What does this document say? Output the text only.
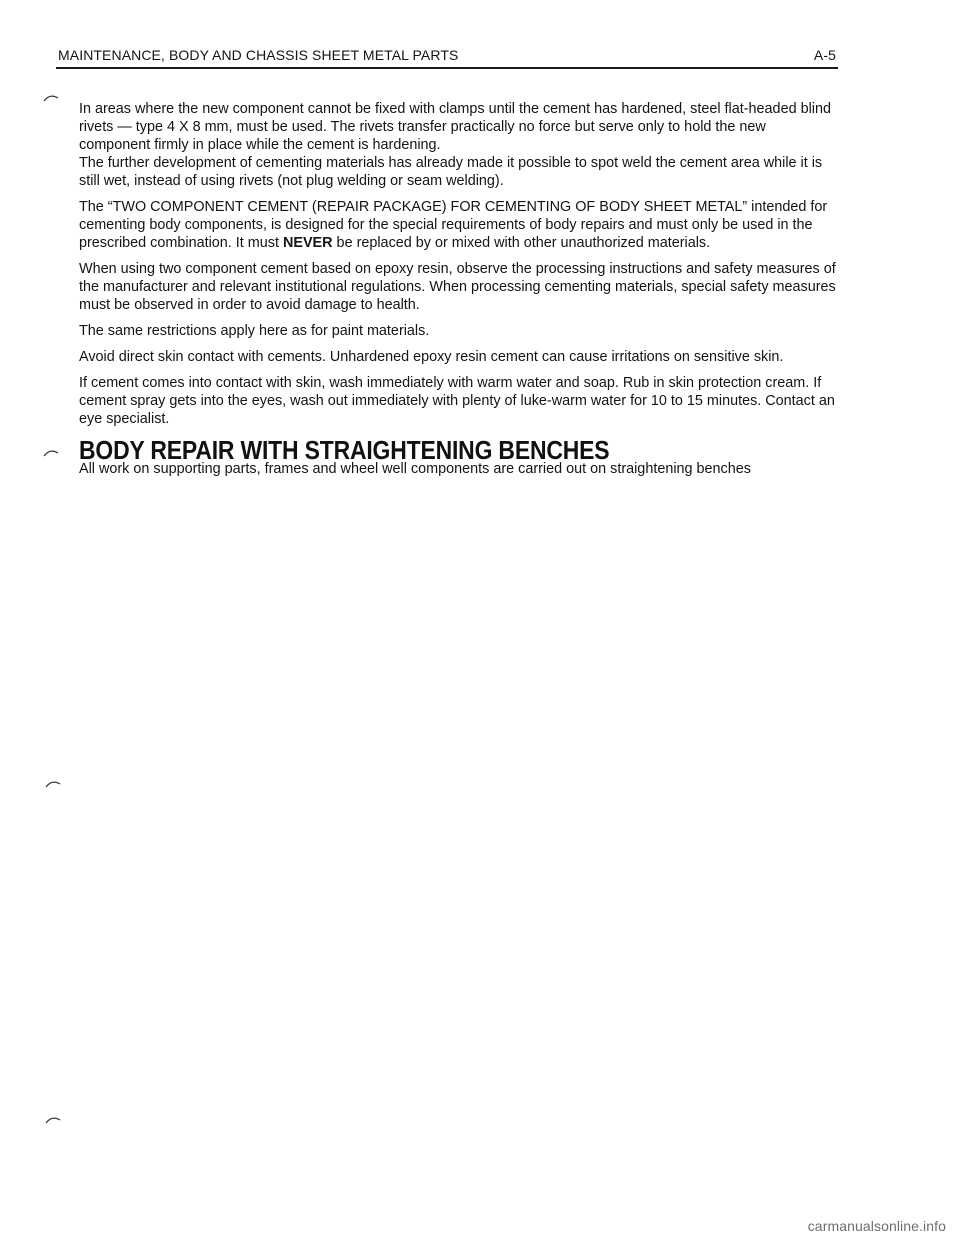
MAINTENANCE, BODY AND CHASSIS SHEET METAL PARTS	A-5

In areas where the new component cannot be fixed with clamps until the cement has hardened, steel flat-headed blind rivets — type 4 X 8 mm, must be used. The rivets transfer practically no force but serve only to hold the new component firmly in place while the cement is hardening.

The further development of cementing materials has already made it possible to spot weld the cement area while it is still wet, instead of using rivets (not plug welding or seam welding).

The “TWO COMPONENT CEMENT (REPAIR PACKAGE) FOR CEMENTING OF BODY SHEET METAL” intended for cementing body components, is designed for the special requirements of body repairs and must only be used in the prescribed combination. It must NEVER be replaced by or mixed with other unauthorized materials.

When using two component cement based on epoxy resin, observe the processing instructions and safety measures of the manufacturer and relevant institutional regulations. When processing cementing materials, special safety measures must be observed in order to avoid damage to health.

The same restrictions apply here as for paint materials.

Avoid direct skin contact with cements. Unhardened epoxy resin cement can cause irritations on sensitive skin.

If cement comes into contact with skin, wash immediately with warm water and soap. Rub in skin protection cream. If cement spray gets into the eyes, wash out immediately with plenty of luke-warm water for 10 to 15 minutes. Contact an eye specialist.

BODY REPAIR WITH STRAIGHTENING BENCHES

All work on supporting parts, frames and wheel well components are carried out on straightening benches

carmanualsonline.info
